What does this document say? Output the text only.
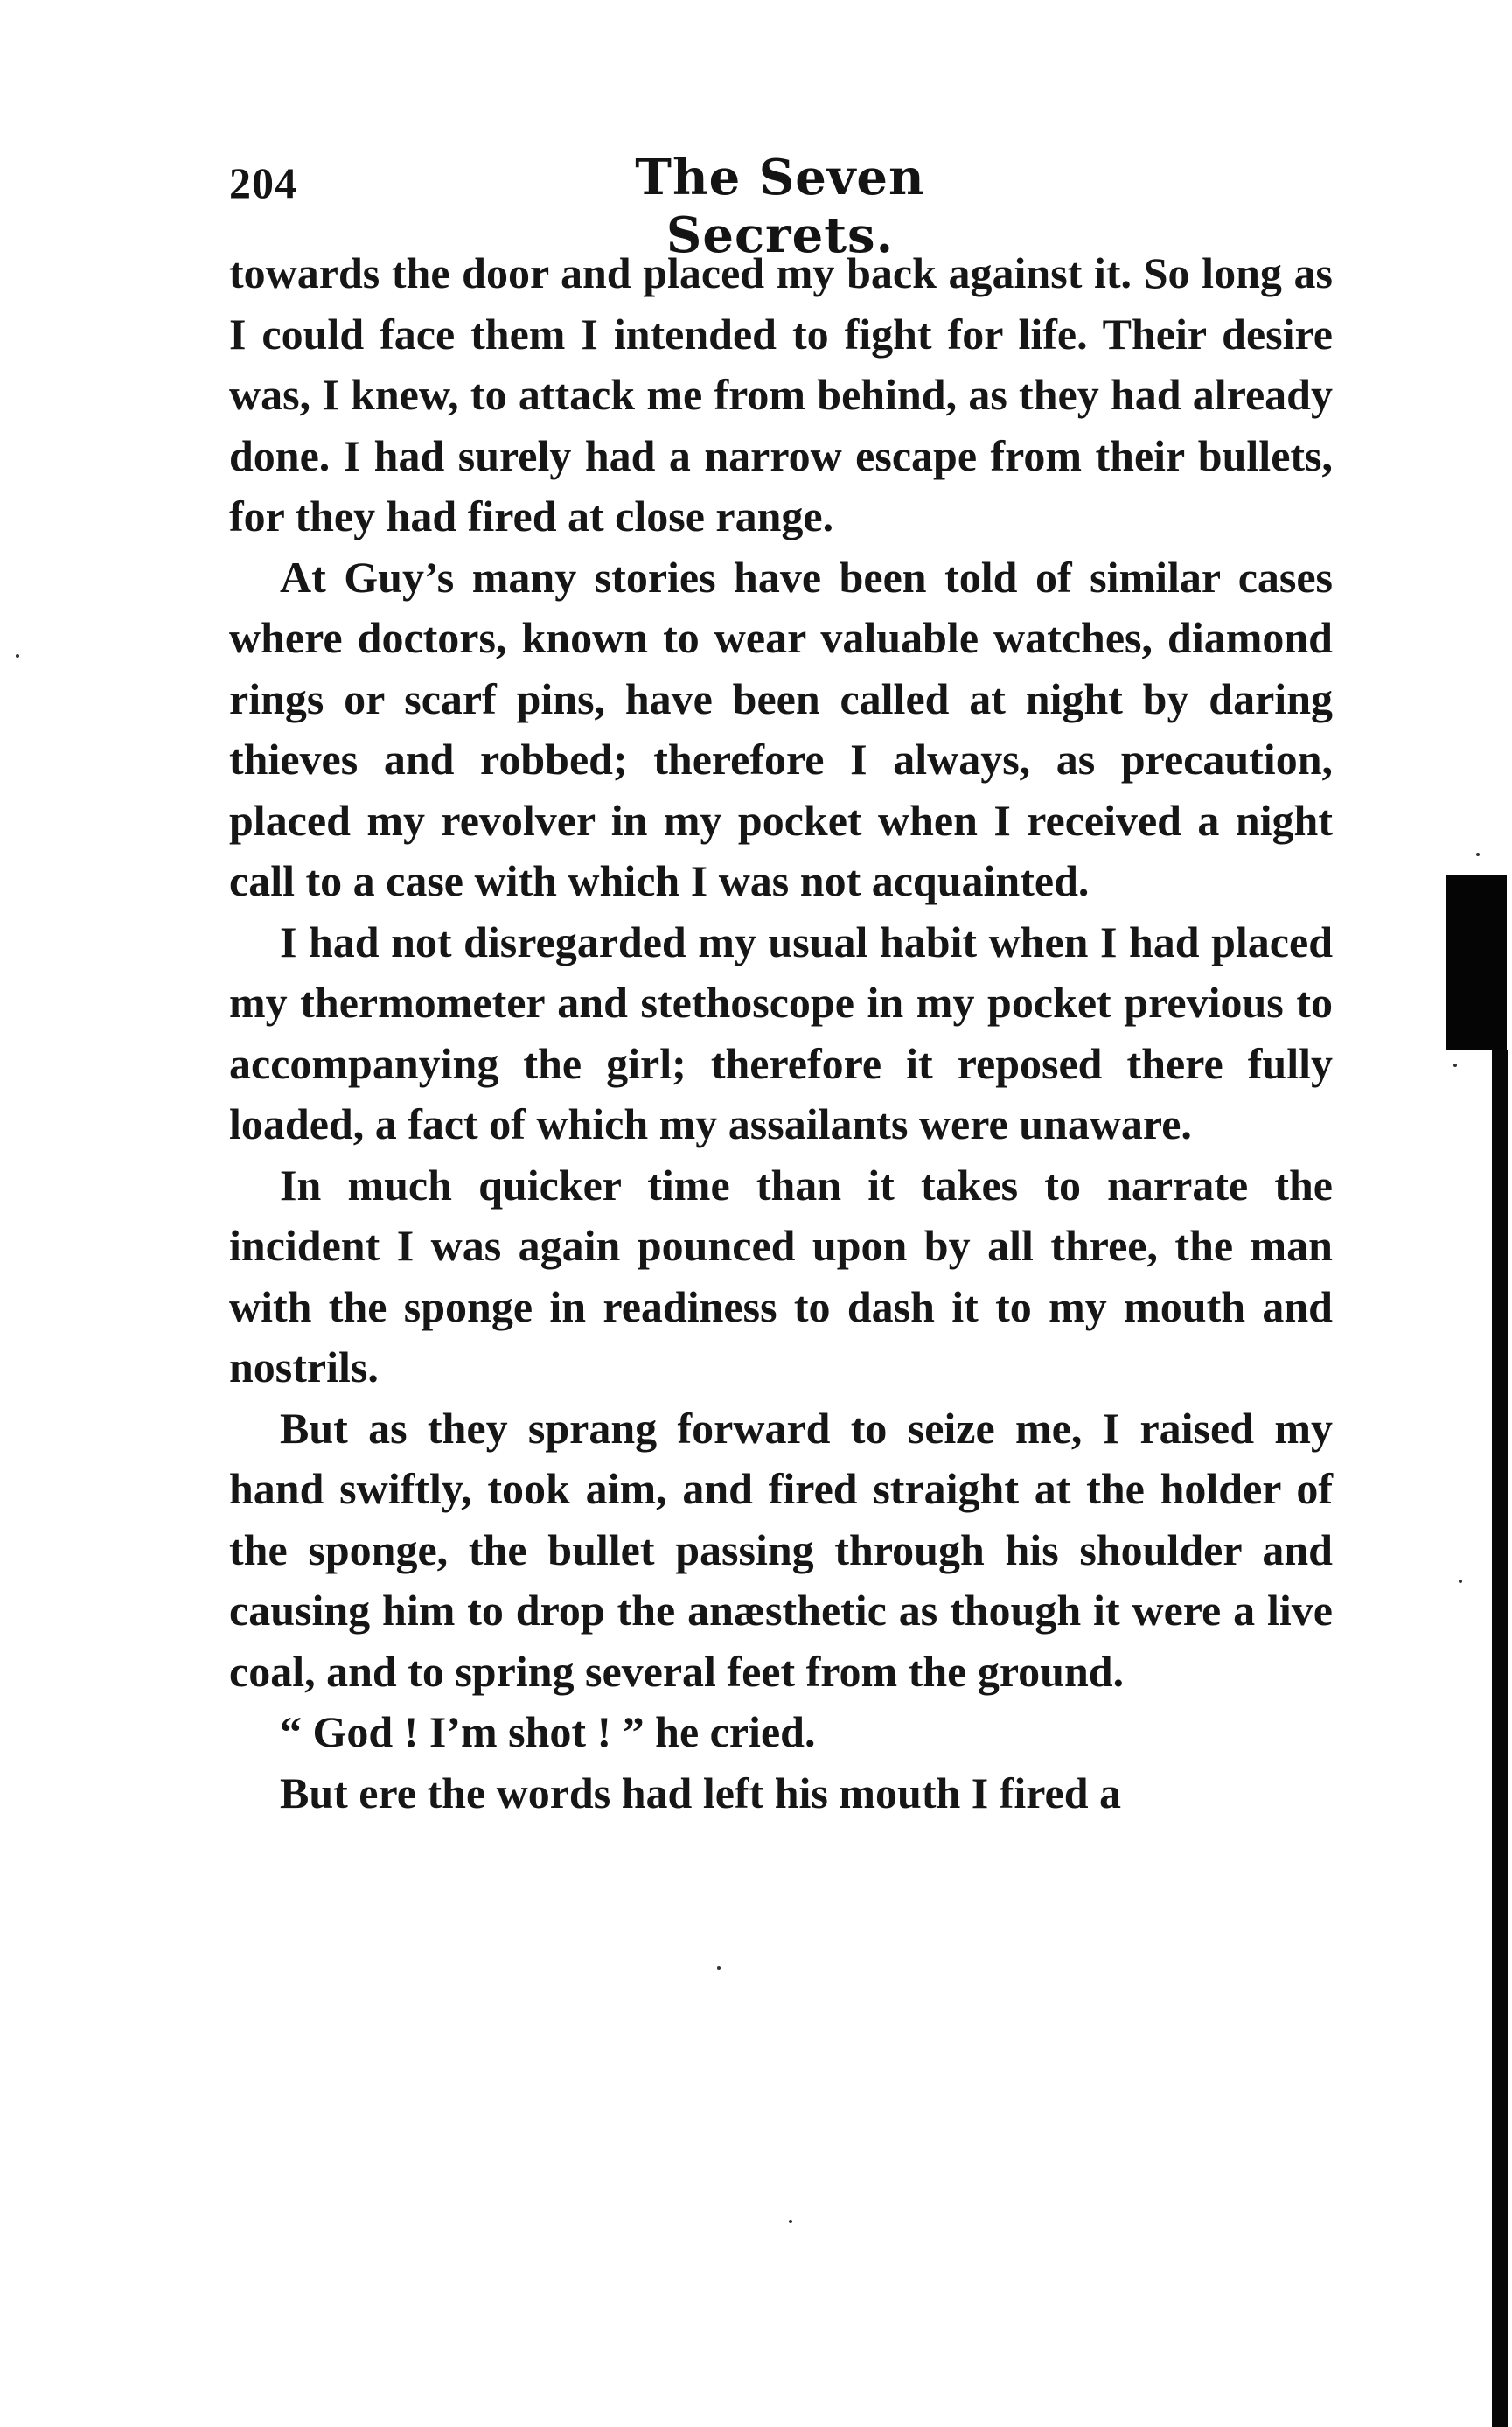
204	The Seven Secrets.

towards the door and placed my back against it. So long as I could face them I intended to fight for life. Their desire was, I knew, to attack me from behind, as they had already done. I had surely had a narrow escape from their bullets, for they had fired at close range.

At Guy’s many stories have been told of similar cases where doctors, known to wear valuable watches, diamond rings or scarf pins, have been called at night by daring thieves and robbed; therefore I always, as precaution, placed my revolver in my pocket when I received a night call to a case with which I was not acquainted.

I had not disregarded my usual habit when I had placed my thermometer and stethoscope in my pocket previous to accompanying the girl; therefore it reposed there fully loaded, a fact of which my assailants were unaware.

In much quicker time than it takes to narrate the incident I was again pounced upon by all three, the man with the sponge in readiness to dash it to my mouth and nostrils.

But as they sprang forward to seize me, I raised my hand swiftly, took aim, and fired straight at the holder of the sponge, the bullet passing through his shoulder and causing him to drop the anæsthetic as though it were a live coal, and to spring several feet from the ground.

“ God ! I’m shot ! ” he cried.

But ere the words had left his mouth I fired a
